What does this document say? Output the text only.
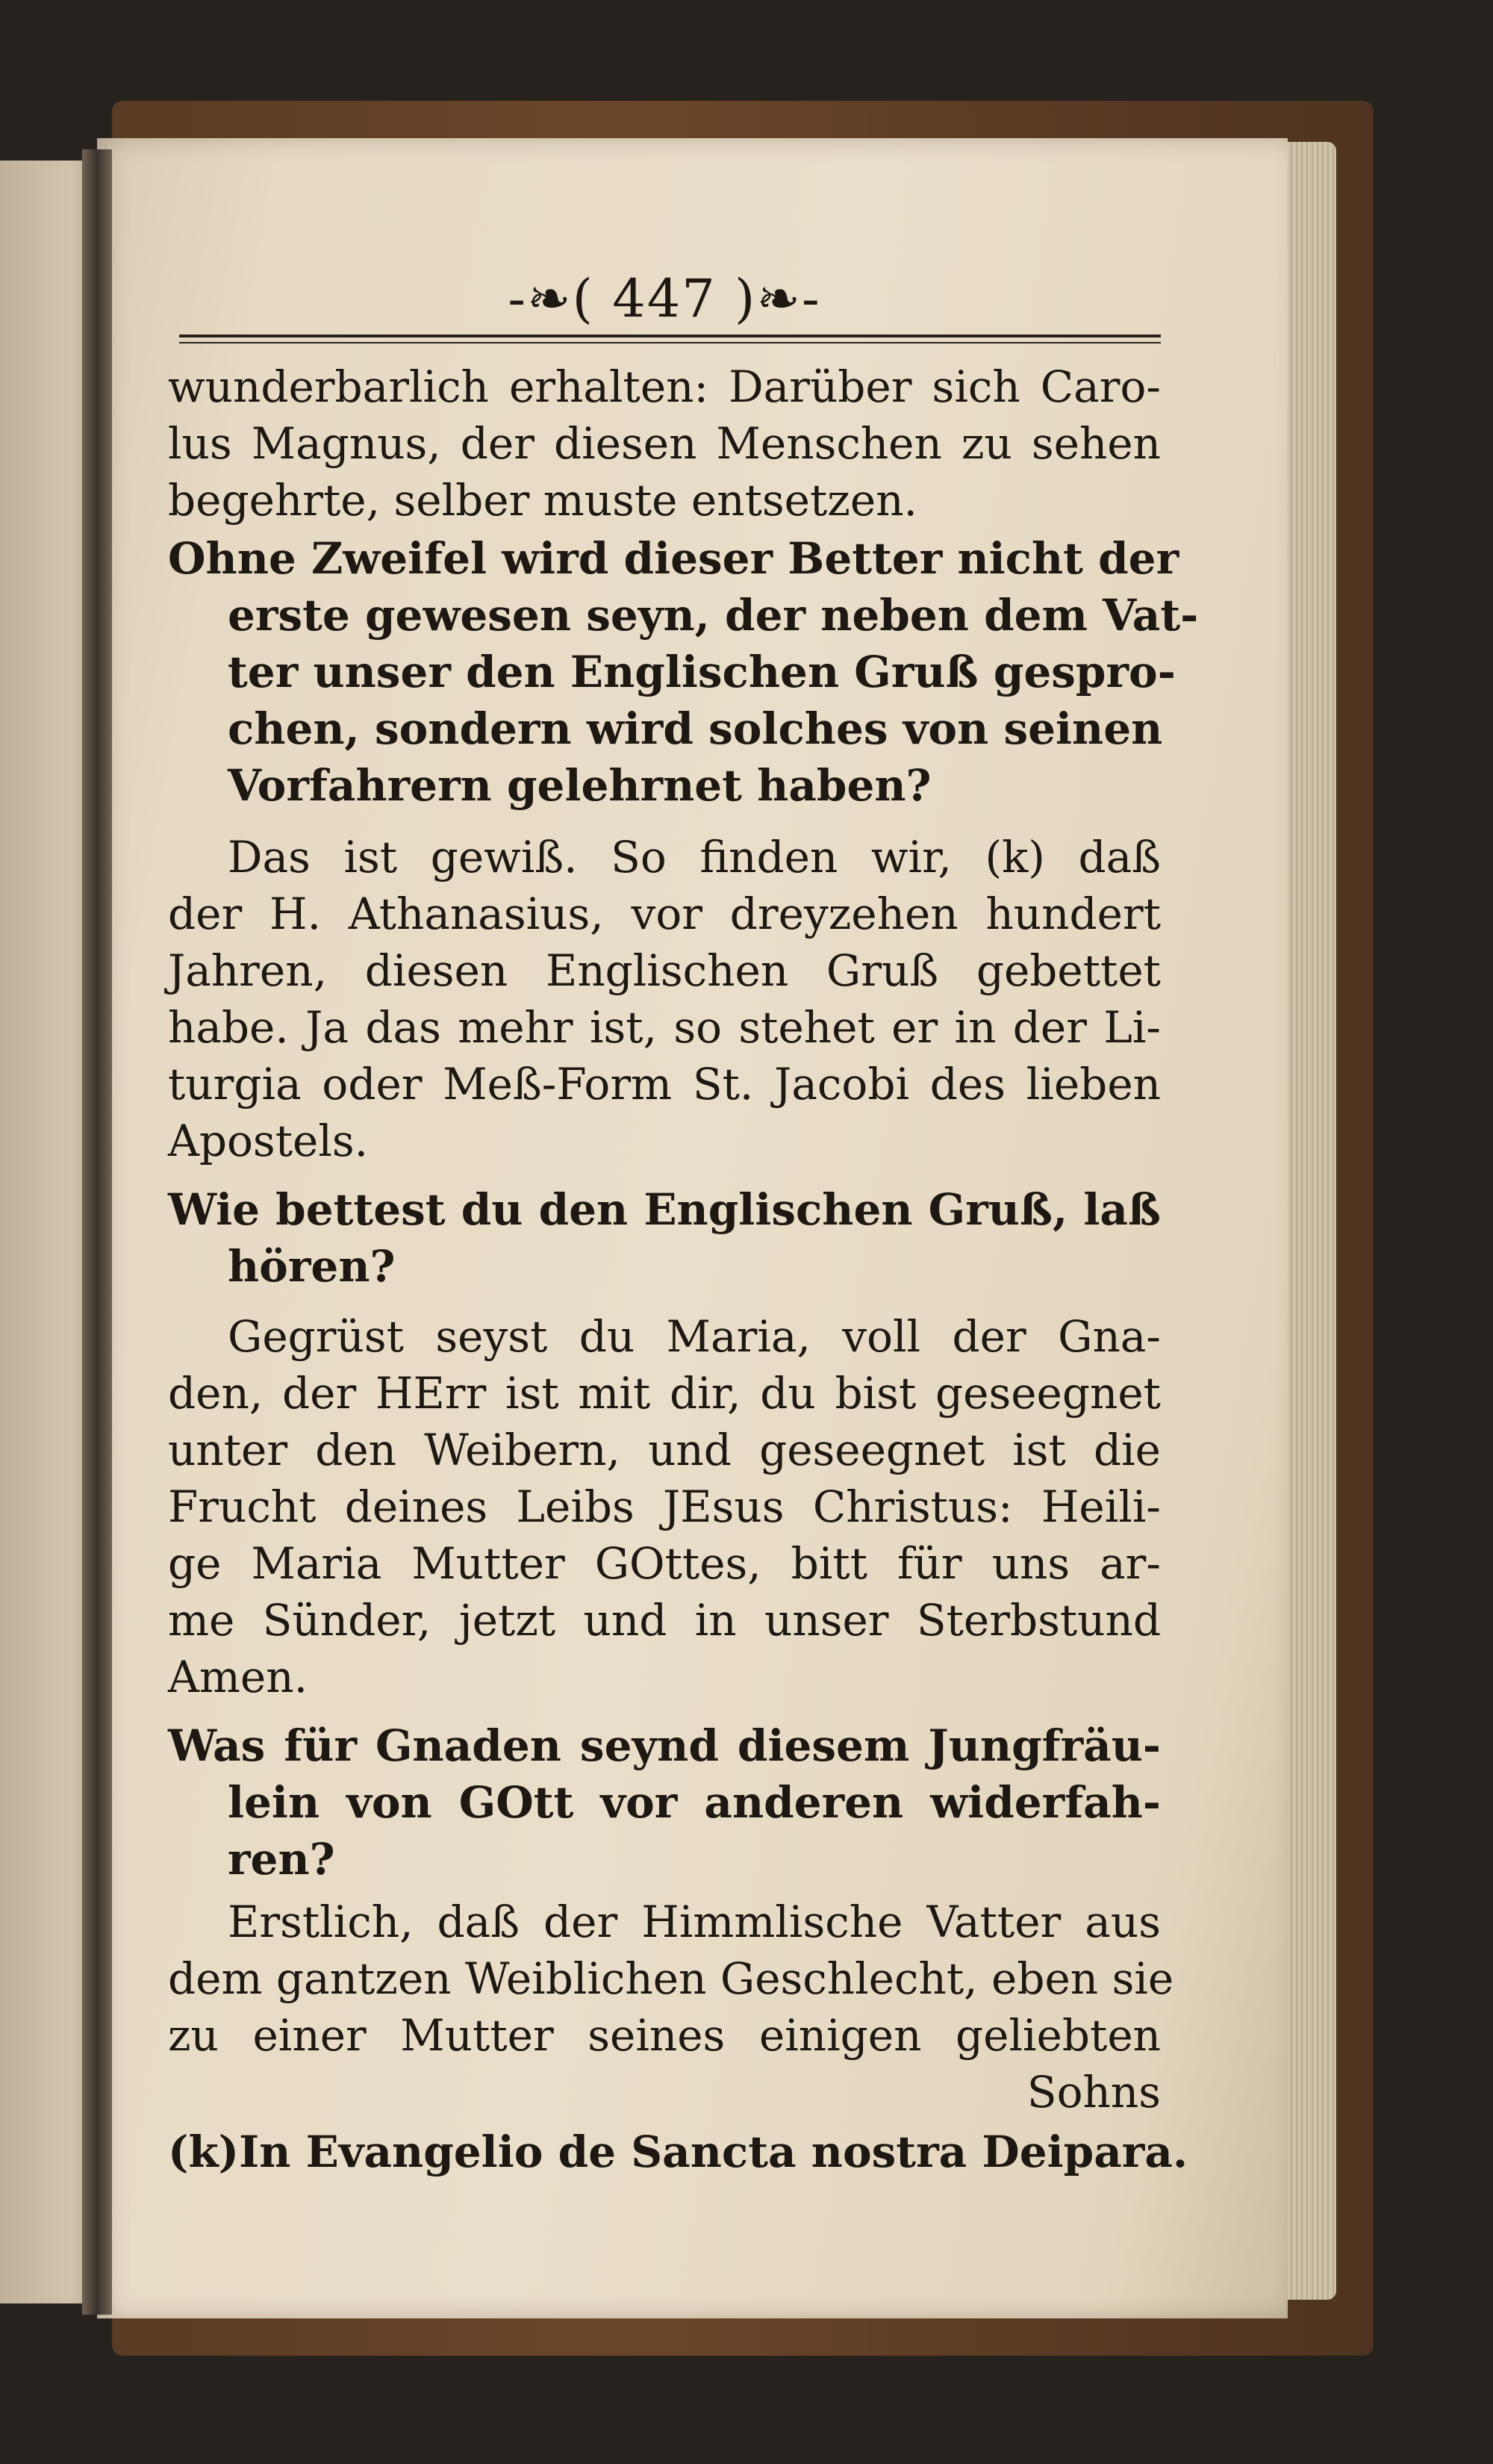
-❧( 447 )❧-
wunderbarlich erhalten: Darüber sich Caro-
lus Magnus, der diesen Menschen zu sehen
begehrte, selber muste entsetzen.
Ohne Zweifel wird dieser Better nicht der
erste gewesen seyn, der neben dem Vat-
ter unser den Englischen Gruß gespro-
chen, sondern wird solches von seinen
Vorfahrern gelehrnet haben?
Das ist gewiß. So finden wir, (k) daß
der H. Athanasius, vor dreyzehen hundert
Jahren, diesen Englischen Gruß gebettet
habe. Ja das mehr ist, so stehet er in der Li-
turgia oder Meß-Form St. Jacobi des lieben
Apostels.
Wie bettest du den Englischen Gruß, laß
hören?
Gegrüst seyst du Maria, voll der Gna-
den, der HErr ist mit dir, du bist geseegnet
unter den Weibern, und geseegnet ist die
Frucht deines Leibs JEsus Christus: Heili-
ge Maria Mutter GOttes, bitt für uns ar-
me Sünder, jetzt und in unser Sterbstund
Amen.
Was für Gnaden seynd diesem Jungfräu-
lein von GOtt vor anderen widerfah-
ren?
Erstlich, daß der Himmlische Vatter aus
dem gantzen Weiblichen Geschlecht, eben sie
zu einer Mutter seines einigen geliebten
Sohns
(k)In Evangelio de Sancta nostra Deipara.
